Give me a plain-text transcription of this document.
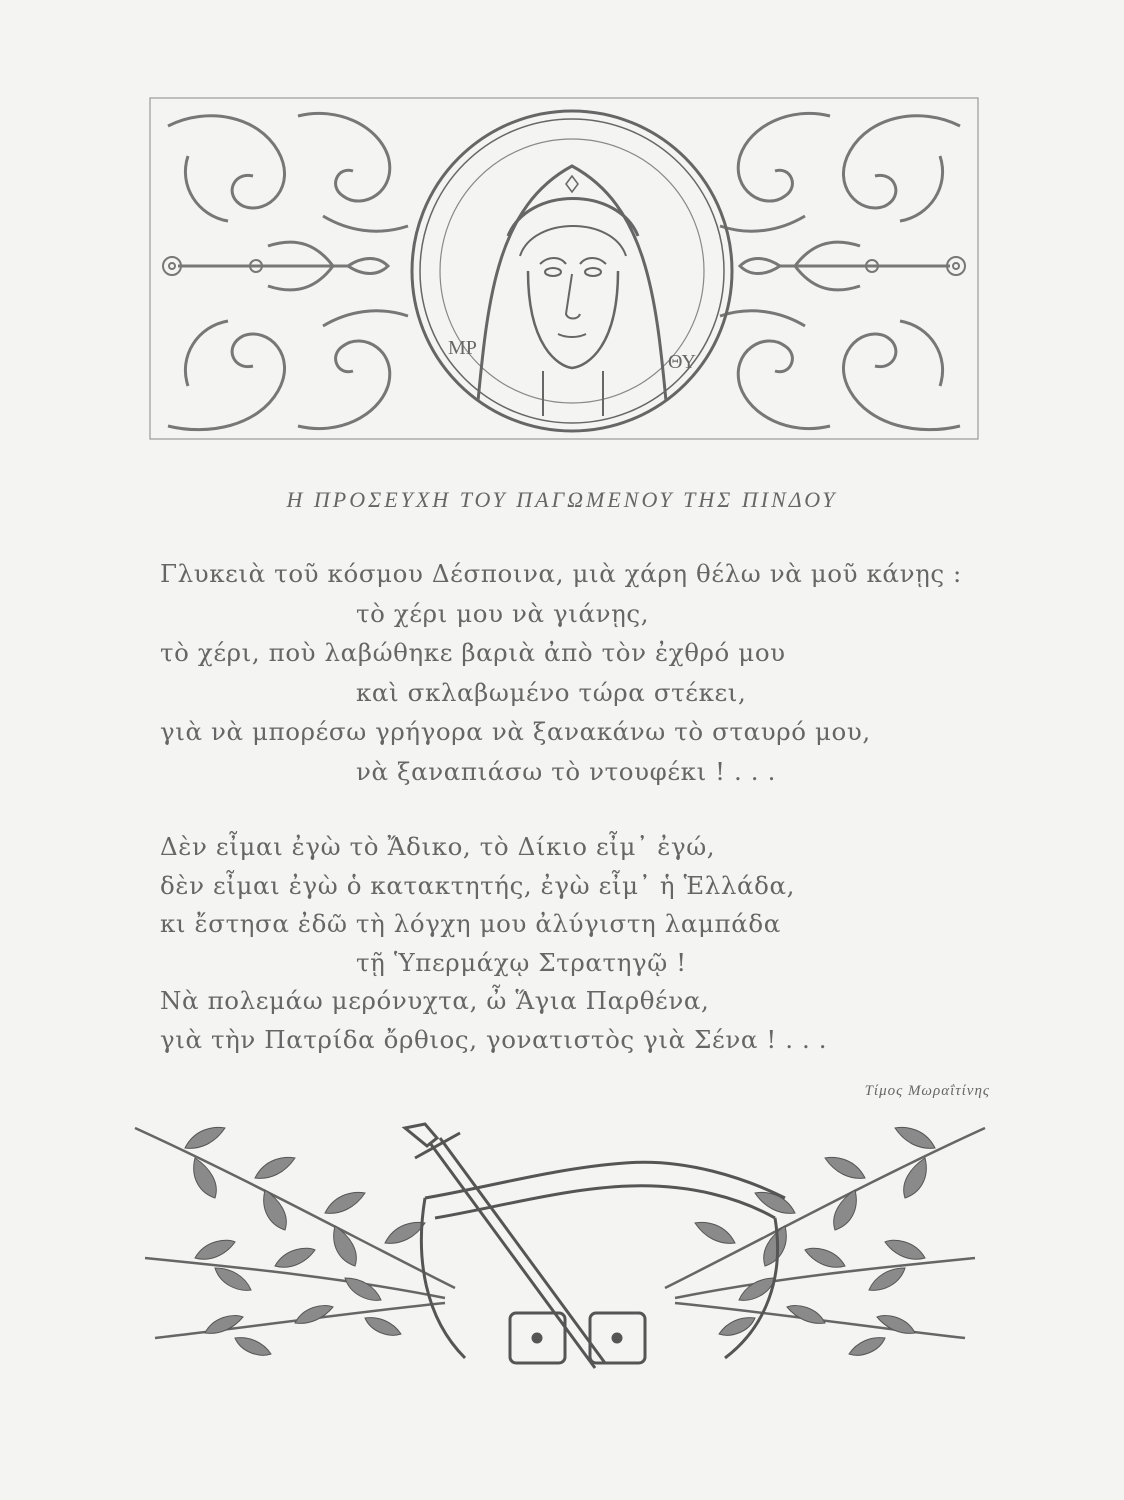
ΜΡ
ΘΥ
Η ΠΡΟΣΕΥΧΗ ΤΟΥ ΠΑΓΩΜΕΝΟΥ ΤΗΣ ΠΙΝΔΟΥ
Γλυκειὰ τοῦ κόσμου Δέσποινα, μιὰ χάρη θέλω νὰ μοῦ κάνῃς :
τὸ χέρι μου νὰ γιάνῃς,
τὸ χέρι, ποὺ λαβώθηκε βαριὰ ἀπὸ τὸν ἐχθρό μου
καὶ σκλαβωμένο τώρα στέκει,
γιὰ νὰ μπορέσω γρήγορα νὰ ξανακάνω τὸ σταυρό μου,
νὰ ξαναπιάσω τὸ ντουφέκι ! . . .
Δὲν εἶμαι ἐγὼ τὸ Ἄδικο, τὸ Δίκιο εἶμ᾽ ἐγώ,
δὲν εἶμαι ἐγὼ ὁ κατακτητής, ἐγὼ εἶμ᾽ ἡ Ἑλλάδα,
κι ἔστησα ἐδῶ τὴ λόγχη μου ἀλύγιστη λαμπάδα
τῇ Ὑπερμάχῳ Στρατηγῷ !
Νὰ πολεμάω μερόνυχτα, ὦ Ἅγια Παρθένα,
γιὰ τὴν Πατρίδα ὄρθιος, γονατιστὸς γιὰ Σένα ! . . .
Τίμος Μωραΐτίνης
